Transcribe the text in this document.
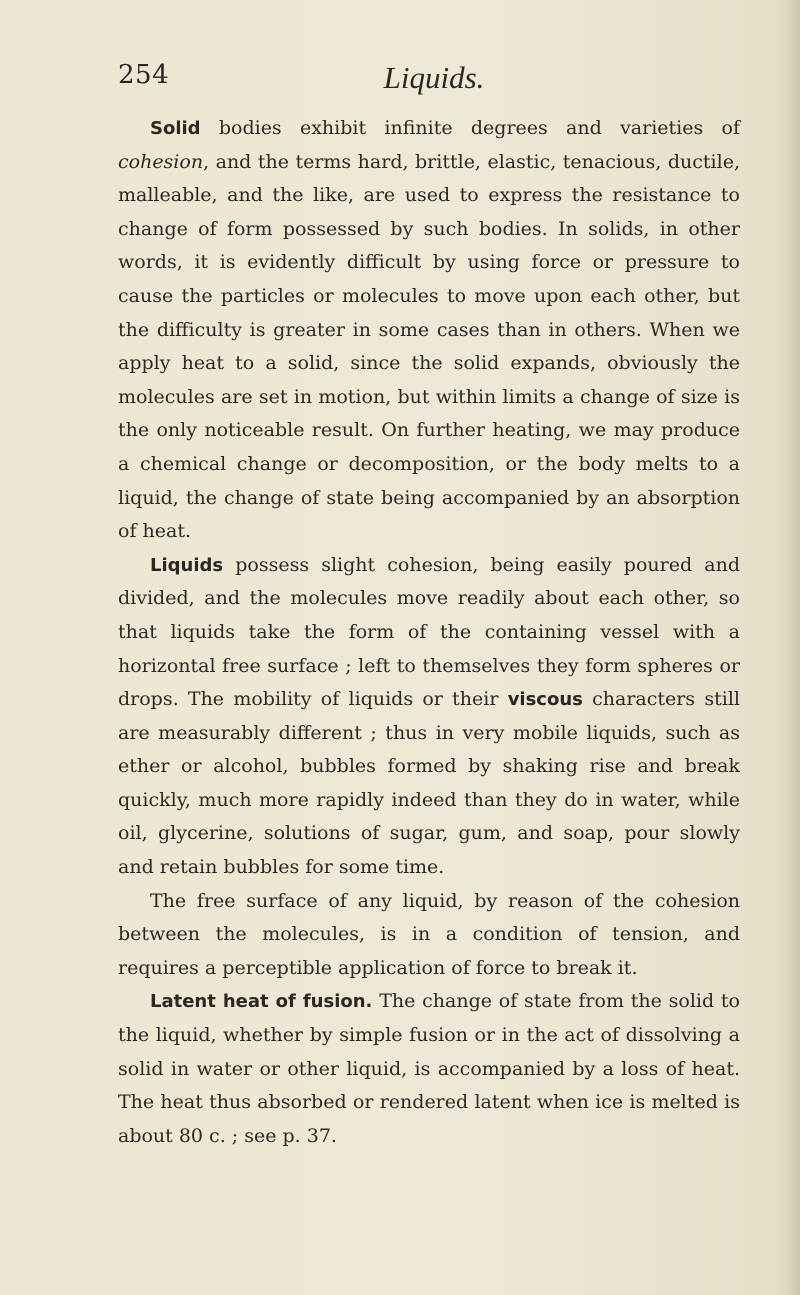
254	Liquids.

Solid bodies exhibit infinite degrees and varieties of cohesion, and the terms hard, brittle, elastic, tenacious, ductile, malleable, and the like, are used to express the resistance to change of form possessed by such bodies. In solids, in other words, it is evidently difficult by using force or pressure to cause the particles or molecules to move upon each other, but the difficulty is greater in some cases than in others. When we apply heat to a solid, since the solid expands, obviously the molecules are set in motion, but within limits a change of size is the only noticeable result. On further heating, we may produce a chemical change or decomposition, or the body melts to a liquid, the change of state being accompanied by an absorption of heat.

Liquids possess slight cohesion, being easily poured and divided, and the molecules move readily about each other, so that liquids take the form of the containing vessel with a horizontal free surface ; left to themselves they form spheres or drops. The mobility of liquids or their viscous characters still are measurably different ; thus in very mobile liquids, such as ether or alcohol, bubbles formed by shaking rise and break quickly, much more rapidly indeed than they do in water, while oil, glycerine, solutions of sugar, gum, and soap, pour slowly and retain bubbles for some time.

The free surface of any liquid, by reason of the cohesion between the molecules, is in a condition of tension, and requires a perceptible application of force to break it.

Latent heat of fusion. The change of state from the solid to the liquid, whether by simple fusion or in the act of dissolving a solid in water or other liquid, is accompanied by a loss of heat. The heat thus absorbed or rendered latent when ice is melted is about 80 c. ; see p. 37.
